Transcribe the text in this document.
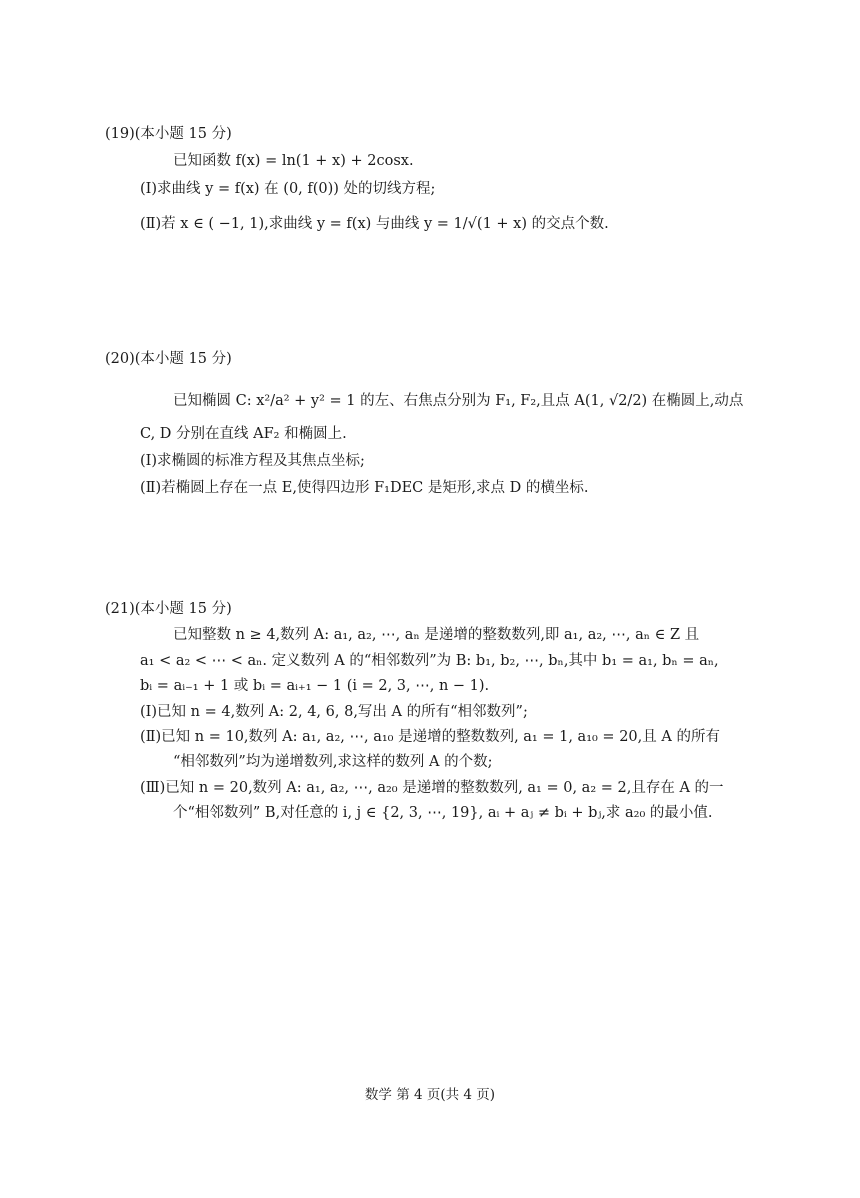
(19)(本小题 15 分)
已知函数 f(x) = ln(1 + x) + 2cosx.
(Ⅰ)求曲线 y = f(x) 在 (0, f(0)) 处的切线方程;
(Ⅱ)若 x ∈ ( −1, 1),求曲线 y = f(x) 与曲线 y = 1/√(1 + x) 的交点个数.
(20)(本小题 15 分)
已知椭圆 C: x²/a² + y² = 1 的左、右焦点分别为 F₁, F₂,且点 A(1, √2/2) 在椭圆上,动点
C, D 分别在直线 AF₂ 和椭圆上.
(Ⅰ)求椭圆的标准方程及其焦点坐标;
(Ⅱ)若椭圆上存在一点 E,使得四边形 F₁DEC 是矩形,求点 D 的横坐标.
(21)(本小题 15 分)
已知整数 n ≥ 4,数列 A: a₁, a₂, ⋯, aₙ 是递增的整数数列,即 a₁, a₂, ⋯, aₙ ∈ Z 且
a₁ < a₂ < ⋯ < aₙ. 定义数列 A 的“相邻数列”为 B: b₁, b₂, ⋯, bₙ,其中 b₁ = a₁, bₙ = aₙ,
bᵢ = aᵢ₋₁ + 1 或 bᵢ = aᵢ₊₁ − 1 (i = 2, 3, ⋯, n − 1).
(Ⅰ)已知 n = 4,数列 A: 2, 4, 6, 8,写出 A 的所有“相邻数列”;
(Ⅱ)已知 n = 10,数列 A: a₁, a₂, ⋯, a₁₀ 是递增的整数数列, a₁ = 1, a₁₀ = 20,且 A 的所有
“相邻数列”均为递增数列,求这样的数列 A 的个数;
(Ⅲ)已知 n = 20,数列 A: a₁, a₂, ⋯, a₂₀ 是递增的整数数列, a₁ = 0, a₂ = 2,且存在 A 的一
个“相邻数列” B,对任意的 i, j ∈ {2, 3, ⋯, 19}, aᵢ + aⱼ ≠ bᵢ + bⱼ,求 a₂₀ 的最小值.
数学 第 4 页(共 4 页)
